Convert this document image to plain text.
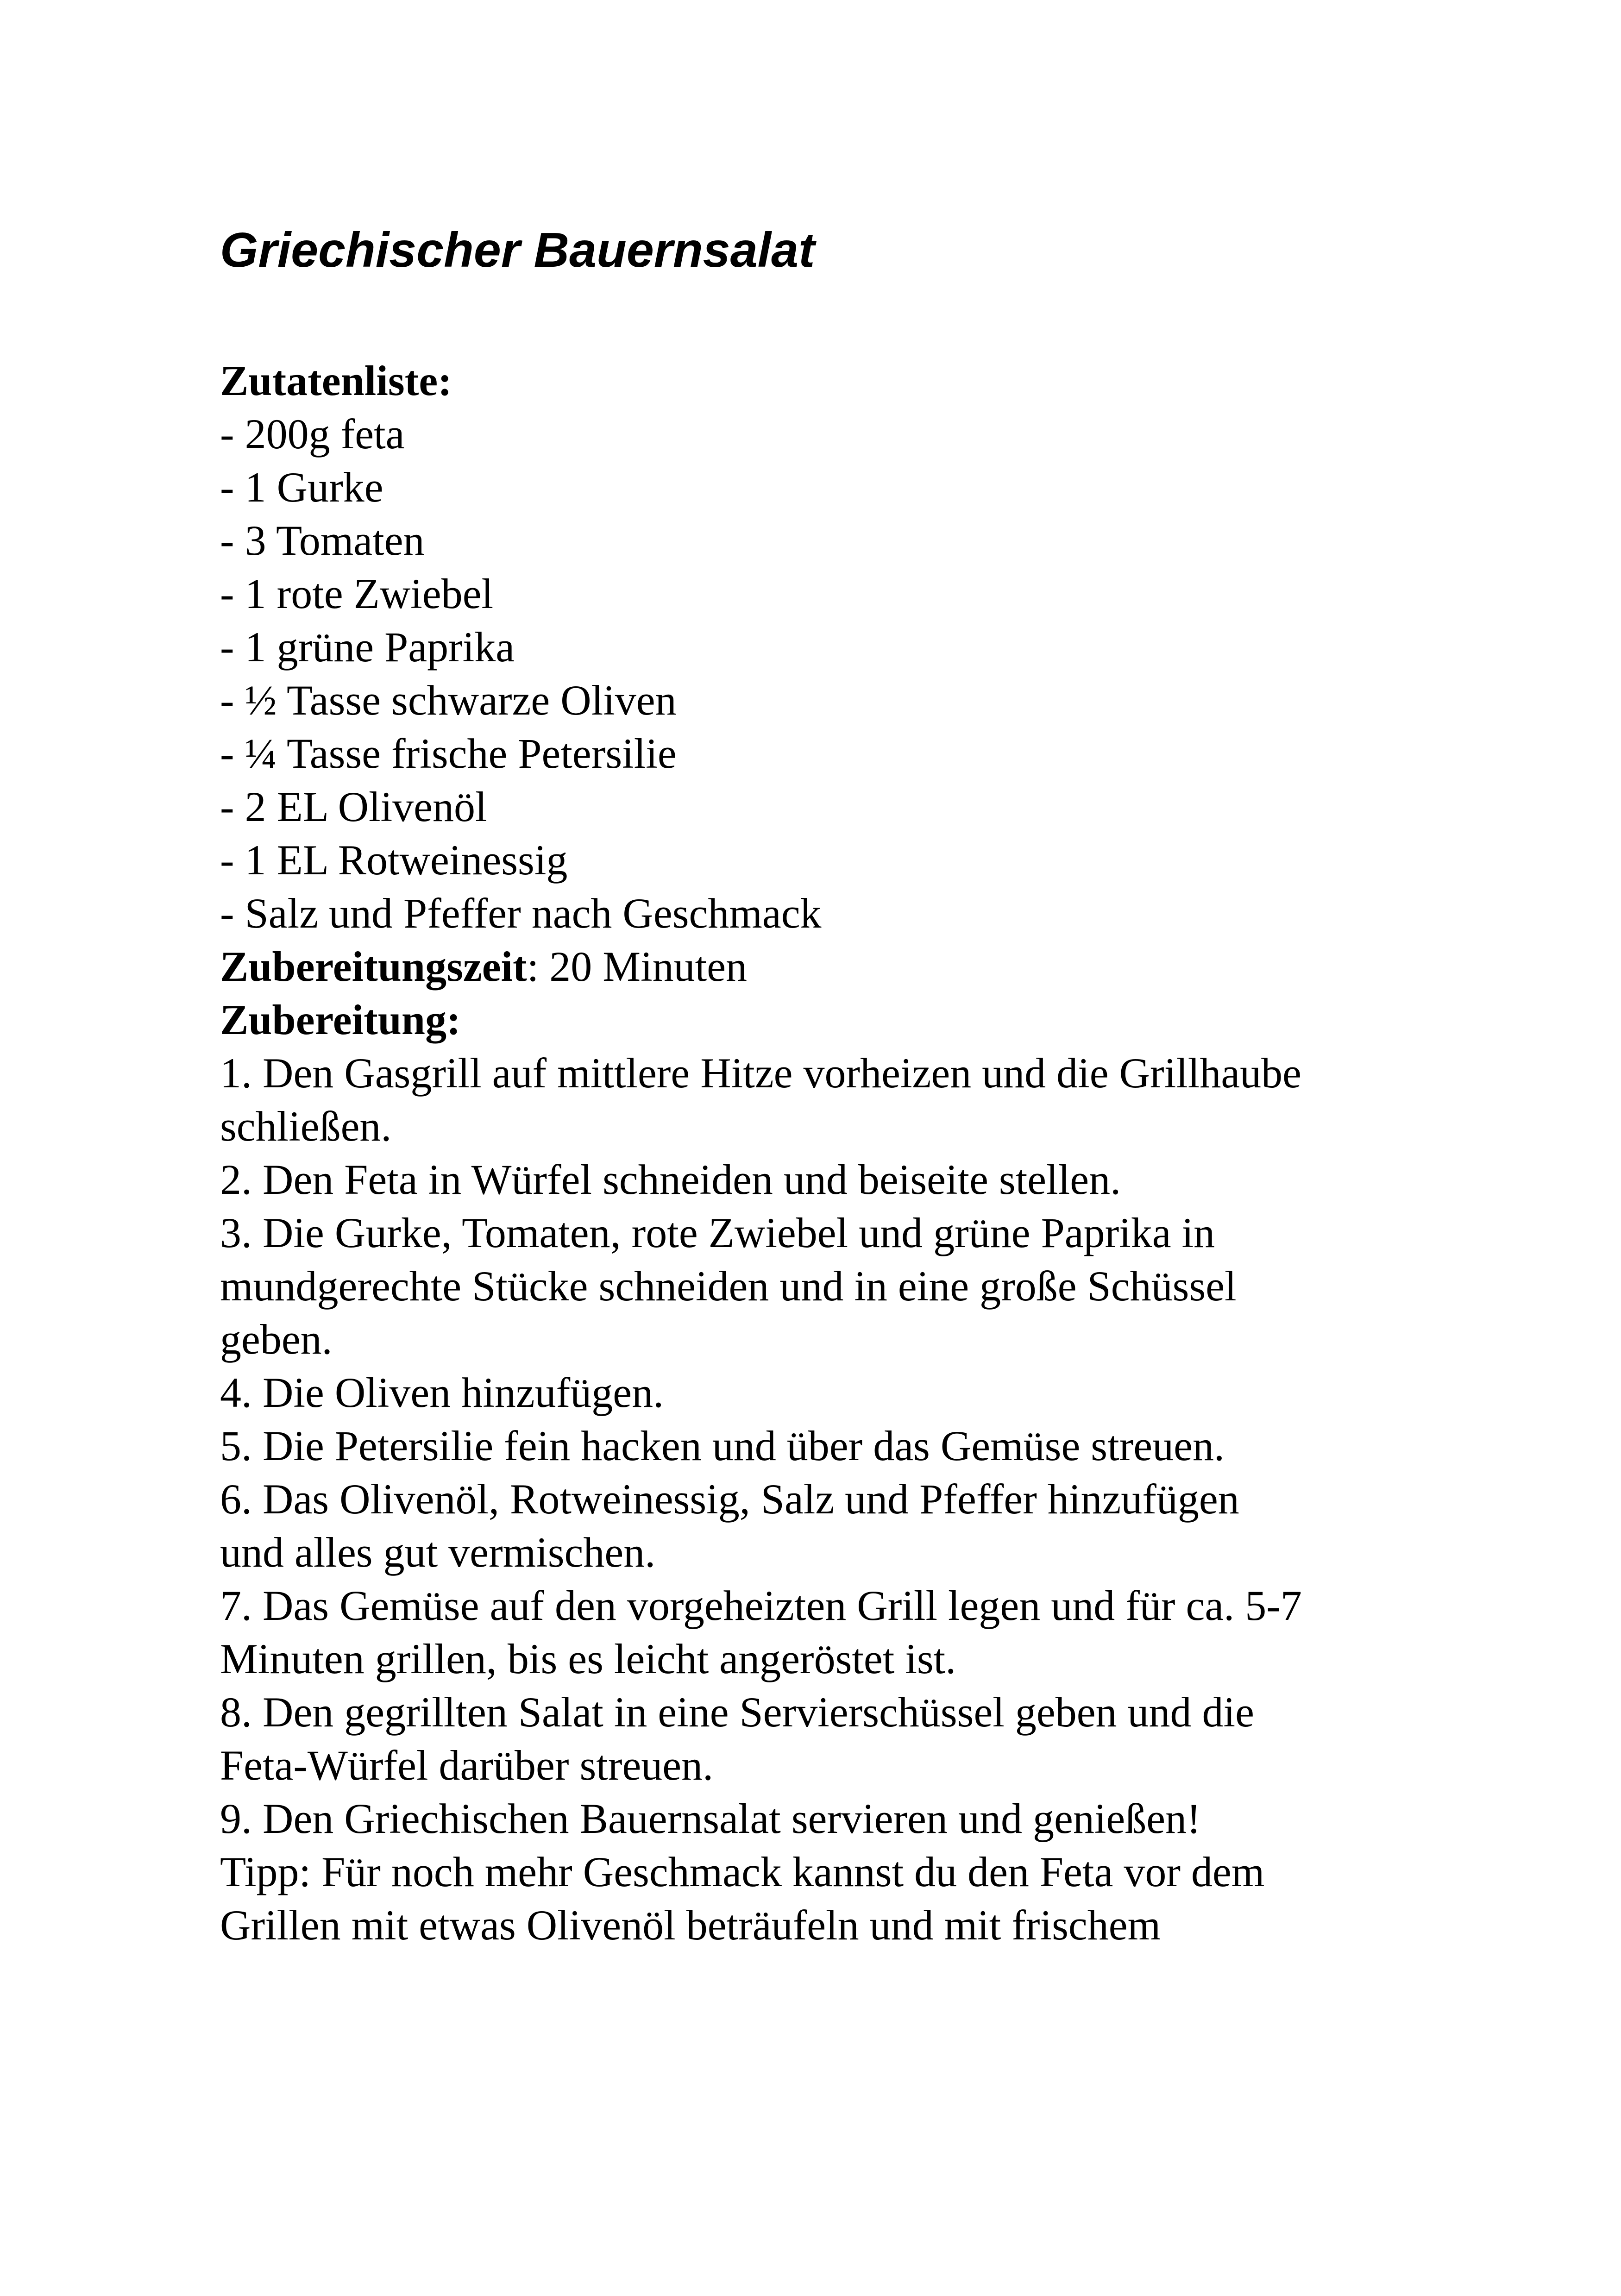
Griechischer Bauernsalat
Zutatenliste:
- 200g feta
- 1 Gurke
- 3 Tomaten
- 1 rote Zwiebel
- 1 grüne Paprika
- ½ Tasse schwarze Oliven
- ¼ Tasse frische Petersilie
- 2 EL Olivenöl
- 1 EL Rotweinessig
- Salz und Pfeffer nach Geschmack
Zubereitungszeit: 20 Minuten
Zubereitung:
1. Den Gasgrill auf mittlere Hitze vorheizen und die Grillhaube
schließen.
2. Den Feta in Würfel schneiden und beiseite stellen.
3. Die Gurke, Tomaten, rote Zwiebel und grüne Paprika in
mundgerechte Stücke schneiden und in eine große Schüssel
geben.
4. Die Oliven hinzufügen.
5. Die Petersilie fein hacken und über das Gemüse streuen.
6. Das Olivenöl, Rotweinessig, Salz und Pfeffer hinzufügen
und alles gut vermischen.
7. Das Gemüse auf den vorgeheizten Grill legen und für ca. 5-7
Minuten grillen, bis es leicht angeröstet ist.
8. Den gegrillten Salat in eine Servierschüssel geben und die
Feta-Würfel darüber streuen.
9. Den Griechischen Bauernsalat servieren und genießen!
Tipp: Für noch mehr Geschmack kannst du den Feta vor dem
Grillen mit etwas Olivenöl beträufeln und mit frischem
